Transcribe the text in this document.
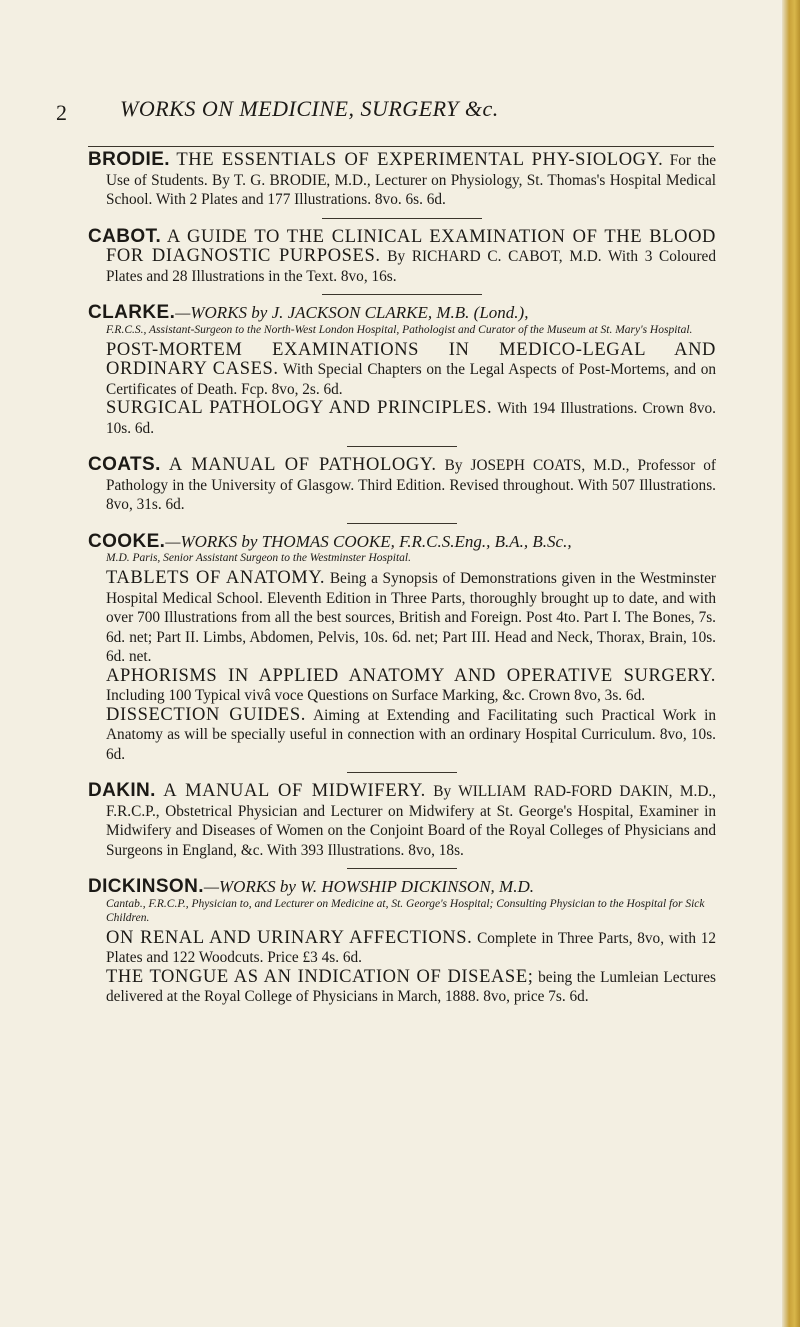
2 WORKS ON MEDICINE, SURGERY &c.

BRODIE. THE ESSENTIALS OF EXPERIMENTAL PHY-SIOLOGY. For the Use of Students. By T. G. BRODIE, M.D., Lecturer on Physiology, St. Thomas's Hospital Medical School. With 2 Plates and 177 Illustrations. 8vo. 6s. 6d.

CABOT. A GUIDE TO THE CLINICAL EXAMINATION OF THE BLOOD FOR DIAGNOSTIC PURPOSES. By RICHARD C. CABOT, M.D. With 3 Coloured Plates and 28 Illustrations in the Text. 8vo, 16s.

CLARKE.—WORKS by J. JACKSON CLARKE, M.B. (Lond.),

F.R.C.S., Assistant-Surgeon to the North-West London Hospital, Pathologist and Curator of the Museum at St. Mary's Hospital.

POST-MORTEM EXAMINATIONS IN MEDICO-LEGAL AND ORDINARY CASES. With Special Chapters on the Legal Aspects of Post-Mortems, and on Certificates of Death. Fcp. 8vo, 2s. 6d.

SURGICAL PATHOLOGY AND PRINCIPLES. With 194 Illustrations. Crown 8vo. 10s. 6d.

COATS. A MANUAL OF PATHOLOGY. By JOSEPH COATS, M.D., Professor of Pathology in the University of Glasgow. Third Edition. Revised throughout. With 507 Illustrations. 8vo, 31s. 6d.

COOKE.—WORKS by THOMAS COOKE, F.R.C.S.Eng., B.A., B.Sc.,

M.D. Paris, Senior Assistant Surgeon to the Westminster Hospital.

TABLETS OF ANATOMY. Being a Synopsis of Demonstrations given in the Westminster Hospital Medical School. Eleventh Edition in Three Parts, thoroughly brought up to date, and with over 700 Illustrations from all the best sources, British and Foreign. Post 4to. Part I. The Bones, 7s. 6d. net; Part II. Limbs, Abdomen, Pelvis, 10s. 6d. net; Part III. Head and Neck, Thorax, Brain, 10s. 6d. net.

APHORISMS IN APPLIED ANATOMY AND OPERATIVE SURGERY. Including 100 Typical vivâ voce Questions on Surface Marking, &c. Crown 8vo, 3s. 6d.

DISSECTION GUIDES. Aiming at Extending and Facilitating such Practical Work in Anatomy as will be specially useful in connection with an ordinary Hospital Curriculum. 8vo, 10s. 6d.

DAKIN. A MANUAL OF MIDWIFERY. By WILLIAM RAD-FORD DAKIN, M.D., F.R.C.P., Obstetrical Physician and Lecturer on Midwifery at St. George's Hospital, Examiner in Midwifery and Diseases of Women on the Conjoint Board of the Royal Colleges of Physicians and Surgeons in England, &c. With 393 Illustrations. 8vo, 18s.

DICKINSON.—WORKS by W. HOWSHIP DICKINSON, M.D.

Cantab., F.R.C.P., Physician to, and Lecturer on Medicine at, St. George's Hospital; Consulting Physician to the Hospital for Sick Children.

ON RENAL AND URINARY AFFECTIONS. Complete in Three Parts, 8vo, with 12 Plates and 122 Woodcuts. Price £3 4s. 6d.

THE TONGUE AS AN INDICATION OF DISEASE; being the Lumleian Lectures delivered at the Royal College of Physicians in March, 1888. 8vo, price 7s. 6d.
